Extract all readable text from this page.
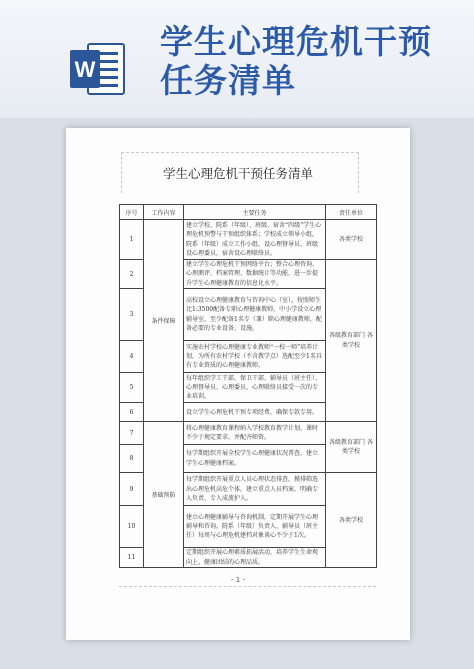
W
学生心理危机干预
任务清单
学生心理危机干预任务清单
序号	工作内容	主要任务	责任单位
1	条件保障	建立学校、院系（年级）、班级、宿舍“四级”学生心理危机预警与干预组织体系；学校成立领导小组，院系（年级）成立工作小组，设心理督导员、班级设心理委员，宿舍设心理联络员。	各类学校
2		建立学生心理危机干预网络平台；整合心理咨询、心理测评、档案管理、数据统计等功能，进一步提升学生心理健康教育的信息化水平。	各级教育部门 各类学校
3		高校设立心理健康教育与咨询中心（室），按照师生比1:3500配备专职心理健康教师，中小学设立心理辅导室，至少配备1名专（兼）职心理健康教师，配备必要的专业设备、设施。	
4		实施农村学校心理健康专业教师“一校一师”培养计划，为所有农村学校（不含教学点）选配至少1名具有专业资质的心理健康教师。	
5		每年组织学工干部、保卫干部、辅导员（班主任）、心理督导员、心理委员、心理联络员接受一次的专业培训。	
6		设立学生心理危机干预专项经费，确保专款专用。	
7	基础预防	将心理健康教育课程纳入学校教育教学计划，课时不少于规定要求，并配齐师资。	各级教育部门 各类学校
8		每学期组织开展全校学生心理健康状况普查，建立学生心理健康档案。	
9		每学期组织开展重点人员心理状态排查，摸排筛选出心理危机高危个体，建立重点人员档案，明确专人负责、专人成流护人。	各类学校
10		建立心理健康辅导与咨询机制，定期开展学生心理辅导和咨询，院系（年级）负责人、辅导员（班主任）每周与心理危机建档对象谈心不少于1次。	
11		定期组织开展心理素质拓展活动，培养学生生命观向上、健康团结的心理品质。	
- 1 -
